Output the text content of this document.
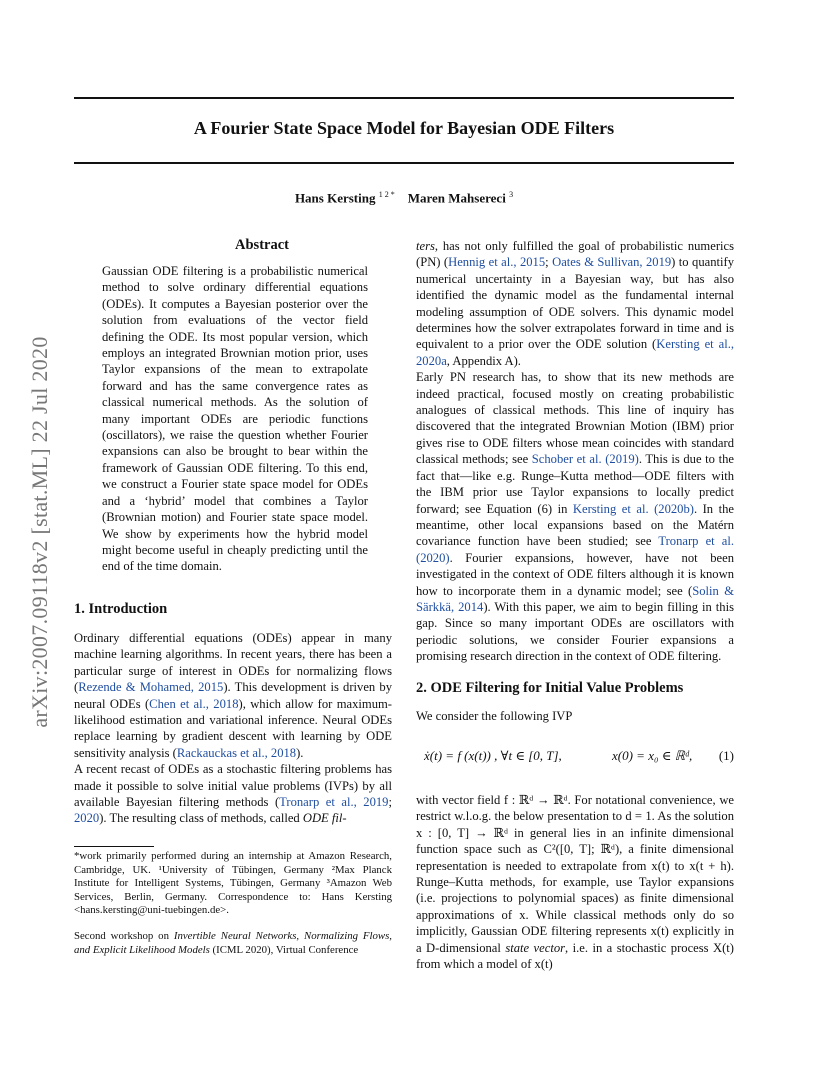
A Fourier State Space Model for Bayesian ODE Filters
Hans Kersting $^{1 2 *}$ Maren Mahsereci $^3$
arXiv:2007.09118v2 [stat.ML] 22 Jul 2020
Abstract

Gaussian ODE filtering is a probabilistic numerical method to solve ordinary differential equations (ODEs). It computes a Bayesian posterior over the solution from evaluations of the vector field defining the ODE. Its most popular version, which employs an integrated Brownian motion prior, uses Taylor expansions of the mean to extrapolate forward and has the same convergence rates as classical numerical methods. As the solution of many important ODEs are periodic functions (oscillators), we raise the question whether Fourier expansions can also be brought to bear within the framework of Gaussian ODE filtering. To this end, we construct a Fourier state space model for ODEs and a ‘hybrid’ model that combines a Taylor (Brownian motion) and Fourier state space model. We show by experiments how the hybrid model might become useful in cheaply predicting until the end of the time domain.

1. Introduction

Ordinary differential equations (ODEs) appear in many machine learning algorithms. In recent years, there has been a particular surge of interest in ODEs for normalizing flows (Rezende & Mohamed, 2015). This development is driven by neural ODEs (Chen et al., 2018), which allow for maximum-likelihood estimation and variational inference. Neural ODEs replace learning by gradient descent with learning by ODE sensitivity analysis (Rackauckas et al., 2018).

A recent recast of ODEs as a stochastic filtering problems has made it possible to solve initial value problems (IVPs) by all available Bayesian filtering methods (Tronarp et al., 2019; 2020). The resulting class of methods, called ODE fil-

*work primarily performed during an internship at Amazon Research, Cambridge, UK. ¹University of Tübingen, Germany ²Max Planck Institute for Intelligent Systems, Tübingen, Germany ³Amazon Web Services, Berlin, Germany. Correspondence to: Hans Kersting <hans.kersting@uni-tuebingen.de>.

Second workshop on Invertible Neural Networks, Normalizing Flows, and Explicit Likelihood Models (ICML 2020), Virtual Conference

ters, has not only fulfilled the goal of probabilistic numerics (PN) (Hennig et al., 2015; Oates & Sullivan, 2019) to quantify numerical uncertainty in a Bayesian way, but has also identified the dynamic model as the fundamental internal modeling assumption of ODE solvers. This dynamic model determines how the solver extrapolates forward in time and is equivalent to a prior over the ODE solution (Kersting et al., 2020a, Appendix A).

Early PN research has, to show that its new methods are indeed practical, focused mostly on creating probabilistic analogues of classical methods. This line of inquiry has discovered that the integrated Brownian Motion (IBM) prior gives rise to ODE filters whose mean coincides with standard classical methods; see Schober et al. (2019). This is due to the fact that—like e.g. Runge–Kutta method—ODE filters with the IBM prior use Taylor expansions to locally predict forward; see Equation (6) in Kersting et al. (2020b). In the meantime, other local expansions based on the Matérn covariance function have been studied; see Tronarp et al. (2020). Fourier expansions, however, have not been investigated in the context of ODE filters although it is known how to incorporate them in a dynamic model; see (Solin & Särkkä, 2014). With this paper, we aim to begin filling in this gap. Since so many important ODEs are oscillators with periodic solutions, we consider Fourier expansions a promising research direction in the context of ODE filtering.

2. ODE Filtering for Initial Value Problems

We consider the following IVP

ẋ(t) = f (x(t)) , ∀t ∈ [0, T],	x(0) = x₀ ∈ ℝᵈ, (1)

with vector field f : ℝᵈ → ℝᵈ. For notational convenience, we restrict w.l.o.g. the below presentation to d = 1. As the solution x : [0, T] → ℝᵈ in general lies in an infinite dimensional function space such as C²([0, T]; ℝᵈ), a finite dimensional representation is needed to extrapolate from x(t) to x(t + h). Runge–Kutta methods, for example, use Taylor expansions (i.e. projections to polynomial spaces) as finite dimensional approximations of x. While classical methods only do so implicitly, Gaussian ODE filtering represents x(t) explicitly in a D-dimensional state vector, i.e. in a stochastic process X(t) from which a model of x(t)
